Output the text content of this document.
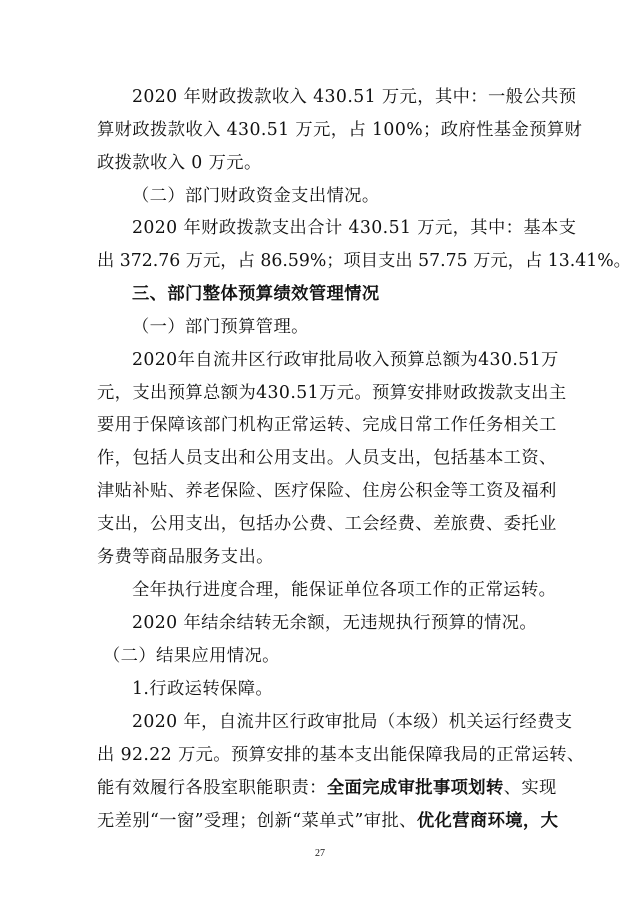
2020 年财政拨款收入 430.51 万元，其中：一般公共预
算财政拨款收入 430.51 万元，占 100%；政府性基金预算财
政拨款收入 0 万元。
（二）部门财政资金支出情况。
2020 年财政拨款支出合计 430.51 万元，其中：基本支
出 372.76 万元，占 86.59%；项目支出 57.75 万元，占 13.41%。
三、部门整体预算绩效管理情况
（一）部门预算管理。
2020年自流井区行政审批局收入预算总额为430.51万
元，支出预算总额为430.51万元。预算安排财政拨款支出主
要用于保障该部门机构正常运转、完成日常工作任务相关工
作，包括人员支出和公用支出。人员支出，包括基本工资、
津贴补贴、养老保险、医疗保险、住房公积金等工资及福利
支出，公用支出，包括办公费、工会经费、差旅费、委托业
务费等商品服务支出。
全年执行进度合理，能保证单位各项工作的正常运转。
2020 年结余结转无余额，无违规执行预算的情况。
（二）结果应用情况。
1.行政运转保障。
2020 年，自流井区行政审批局（本级）机关运行经费支
出 92.22 万元。预算安排的基本支出能保障我局的正常运转、
能有效履行各股室职能职责：全面完成审批事项划转、实现
无差别“一窗”受理；创新“菜单式”审批、优化营商环境，大
27
